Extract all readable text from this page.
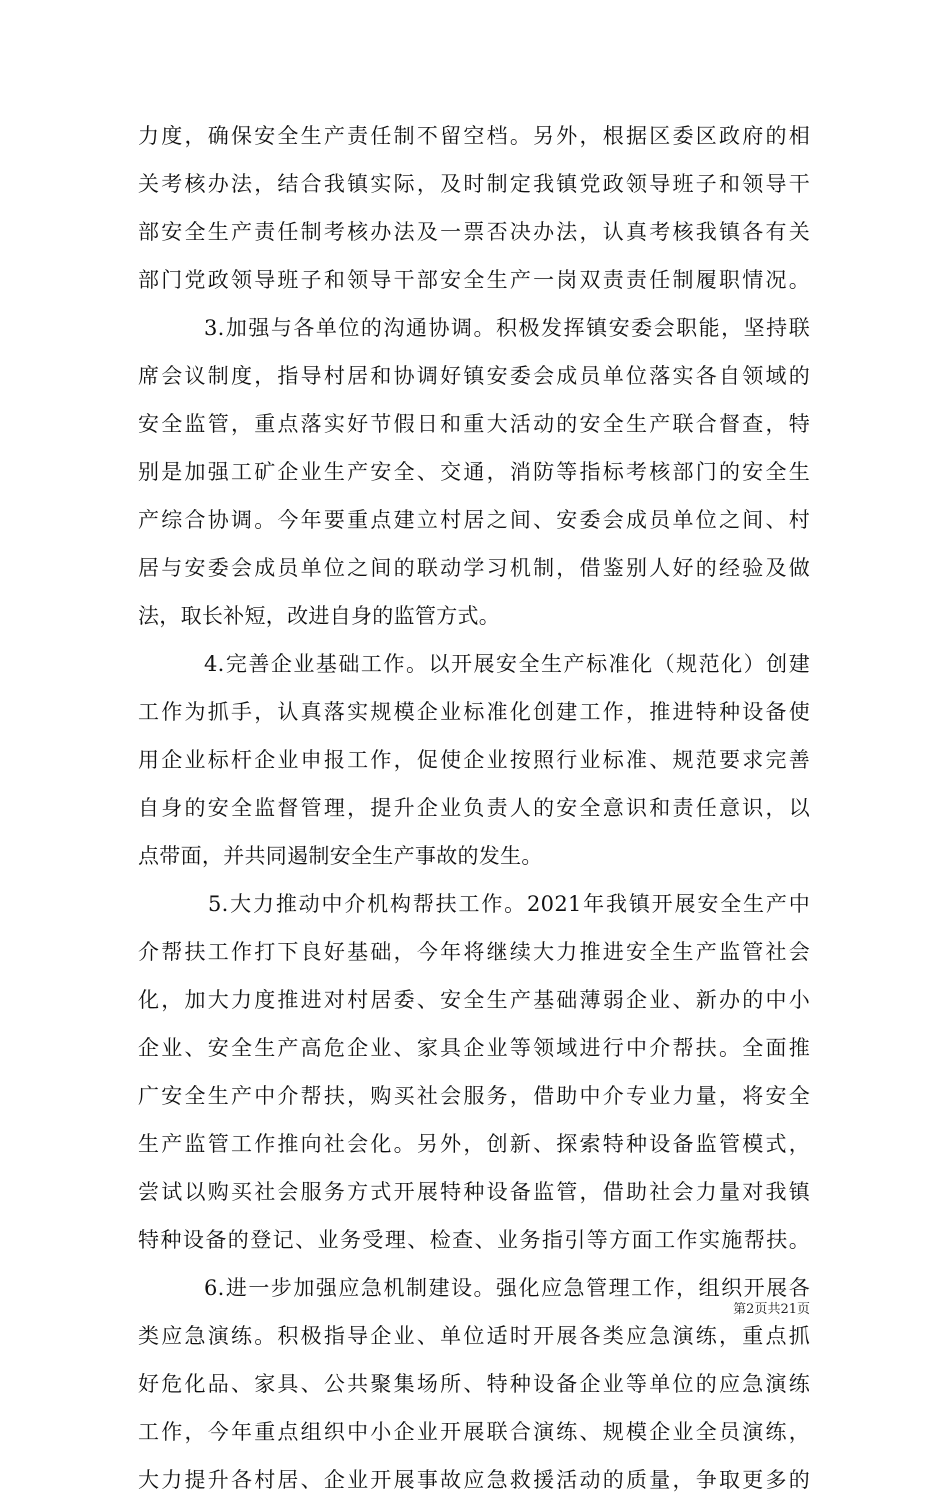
力度，确保安全生产责任制不留空档。另外，根据区委区政府的相
关考核办法，结合我镇实际，及时制定我镇党政领导班子和领导干
部安全生产责任制考核办法及一票否决办法，认真考核我镇各有关
部门党政领导班子和领导干部安全生产一岗双责责任制履职情况。
3.加强与各单位的沟通协调。积极发挥镇安委会职能，坚持联
席会议制度，指导村居和协调好镇安委会成员单位落实各自领域的
安全监管，重点落实好节假日和重大活动的安全生产联合督查，特
别是加强工矿企业生产安全、交通，消防等指标考核部门的安全生
产综合协调。今年要重点建立村居之间、安委会成员单位之间、村
居与安委会成员单位之间的联动学习机制，借鉴别人好的经验及做
法，取长补短，改进自身的监管方式。
4.完善企业基础工作。以开展安全生产标准化（规范化）创建
工作为抓手，认真落实规模企业标准化创建工作，推进特种设备使
用企业标杆企业申报工作，促使企业按照行业标准、规范要求完善
自身的安全监督管理，提升企业负责人的安全意识和责任意识，以
点带面，并共同遏制安全生产事故的发生。
5.大力推动中介机构帮扶工作。2021年我镇开展安全生产中
介帮扶工作打下良好基础，今年将继续大力推进安全生产监管社会
化，加大力度推进对村居委、安全生产基础薄弱企业、新办的中小
企业、安全生产高危企业、家具企业等领域进行中介帮扶。全面推
广安全生产中介帮扶，购买社会服务，借助中介专业力量，将安全
生产监管工作推向社会化。另外，创新、探索特种设备监管模式，
尝试以购买社会服务方式开展特种设备监管，借助社会力量对我镇
特种设备的登记、业务受理、检查、业务指引等方面工作实施帮扶。
6.进一步加强应急机制建设。强化应急管理工作，组织开展各
类应急演练。积极指导企业、单位适时开展各类应急演练，重点抓
好危化品、家具、公共聚集场所、特种设备企业等单位的应急演练
工作，今年重点组织中小企业开展联合演练、规模企业全员演练，
大力提升各村居、企业开展事故应急救援活动的质量，争取更多的
第2页共21页
